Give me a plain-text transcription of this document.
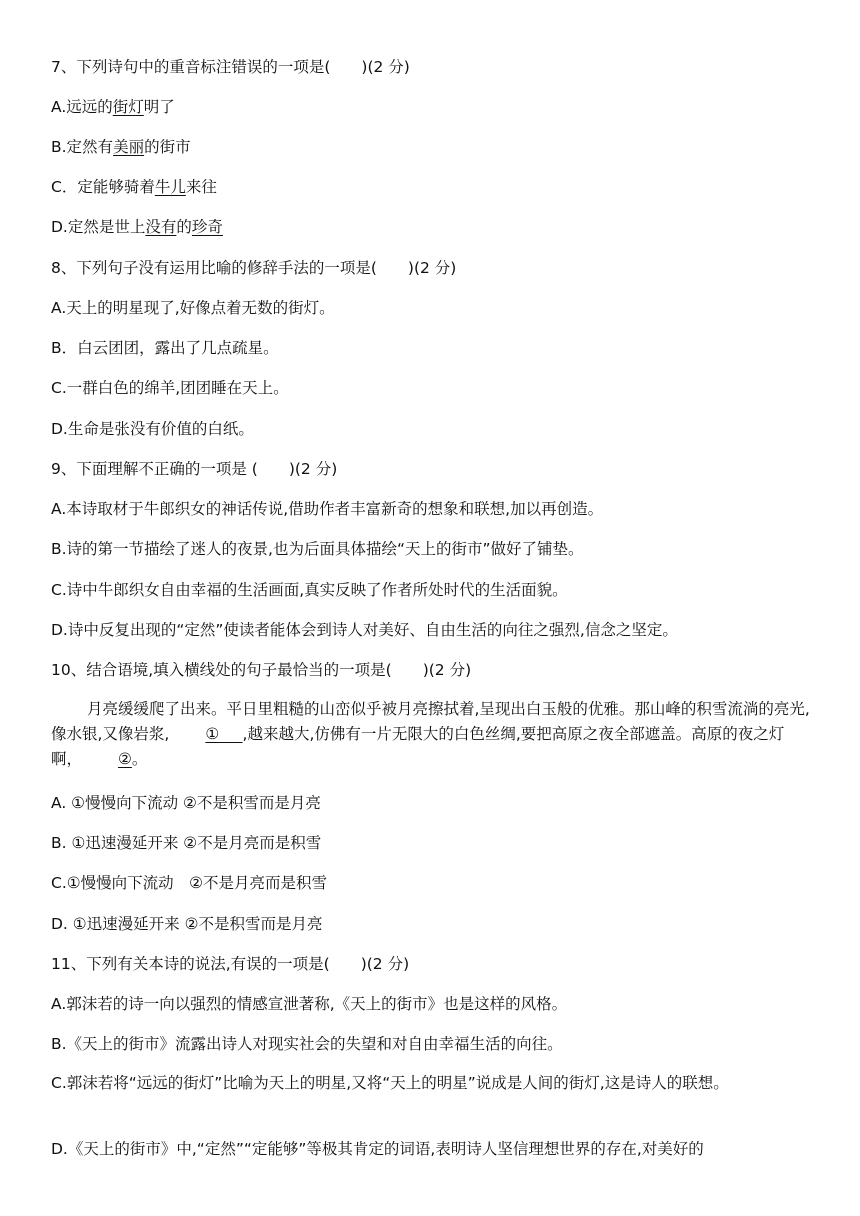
7、下列诗句中的重音标注错误的一项是(　　)(2 分)
A.远远的街灯明了
B.定然有美丽的街市
C．定能够骑着牛儿来往
D.定然是世上没有的珍奇
8、下列句子没有运用比喻的修辞手法的一项是(　　)(2 分)
A.天上的明星现了,好像点着无数的街灯。
B．白云团团，露出了几点疏星。
C.一群白色的绵羊,团团睡在天上。
D.生命是张没有价值的白纸。
9、下面理解不正确的一项是 (　　)(2 分)
A.本诗取材于牛郎织女的神话传说,借助作者丰富新奇的想象和联想,加以再创造。
B.诗的第一节描绘了迷人的夜景,也为后面具体描绘“天上的街市”做好了铺垫。
C.诗中牛郎织女自由幸福的生活画面,真实反映了作者所处时代的生活面貌。
D.诗中反复出现的“定然”使读者能体会到诗人对美好、自由生活的向往之强烈,信念之坚定。
10、结合语境,填入横线处的句子最恰当的一项是(　　)(2 分)
月亮缓缓爬了出来。平日里粗糙的山峦似乎被月亮擦拭着,呈现出白玉般的优雅。那山峰的积雪流淌的亮光,像水银,又像岩浆, ①    ,越来越大,仿佛有一片无限大的白色丝绸,要把高原之夜全部遮盖。高原的夜之灯啊， ②。
A. ①慢慢向下流动 ②不是积雪而是月亮
B. ①迅速漫延开来 ②不是月亮而是积雪
C.①慢慢向下流动　②不是月亮而是积雪
D. ①迅速漫延开来 ②不是积雪而是月亮
11、下列有关本诗的说法,有误的一项是(　　)(2 分)
A.郭沫若的诗一向以强烈的情感宣泄著称,《天上的街市》也是这样的风格。
B.《天上的街市》流露出诗人对现实社会的失望和对自由幸福生活的向往。
C.郭沫若将“远远的街灯”比喻为天上的明星,又将“天上的明星”说成是人间的街灯,这是诗人的联想。
D.《天上的街市》中,“定然”“定能够”等极其肯定的词语,表明诗人坚信理想世界的存在,对美好的
